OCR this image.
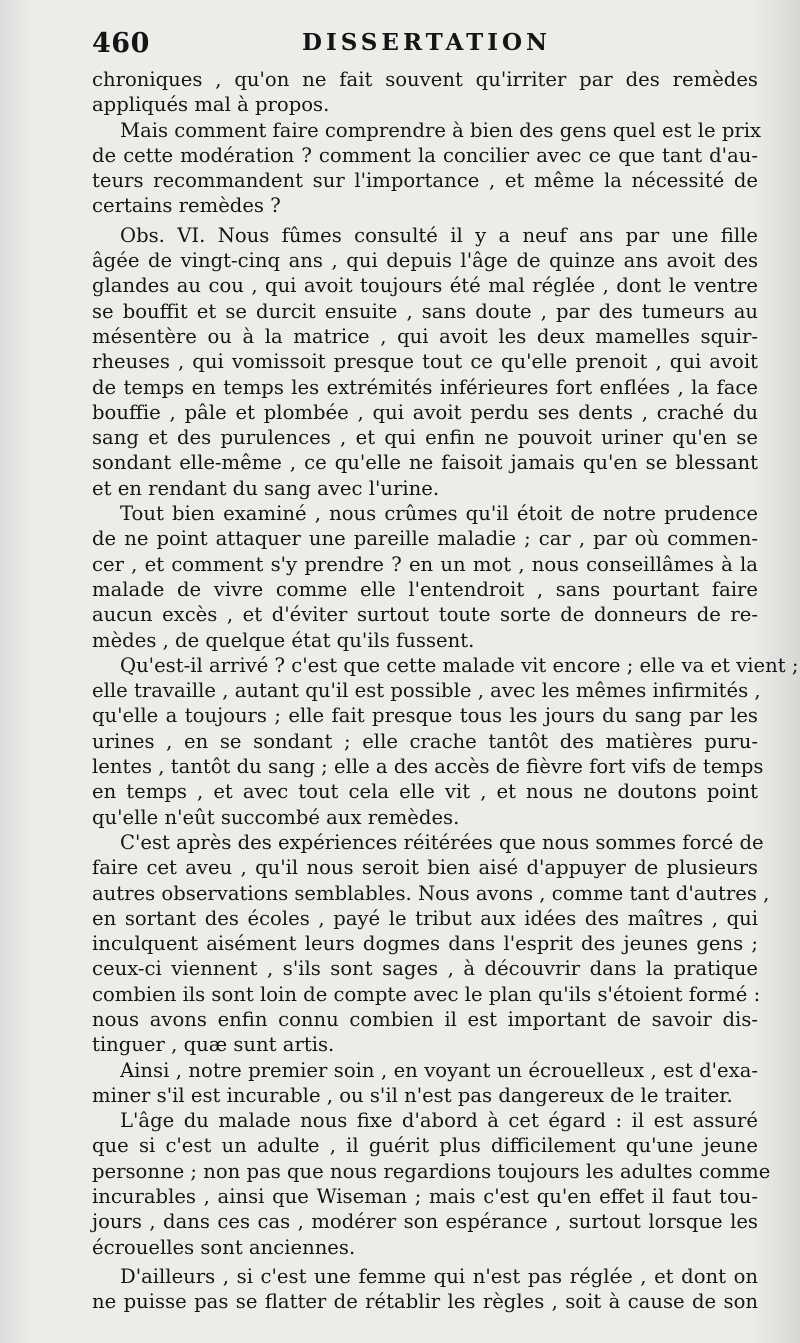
460	DISSERTATION
chroniques , qu'on ne fait souvent qu'irriter par des remèdes
appliqués mal à propos.
Mais comment faire comprendre à bien des gens quel est le prix
de cette modération ? comment la concilier avec ce que tant d'au-
teurs recommandent sur l'importance , et même la nécessité de
certains remèdes ?
Obs. VI. Nous fûmes consulté il y a neuf ans par une fille
âgée de vingt-cinq ans , qui depuis l'âge de quinze ans avoit des
glandes au cou , qui avoit toujours été mal réglée , dont le ventre
se bouffit et se durcit ensuite , sans doute , par des tumeurs au
mésentère ou à la matrice , qui avoit les deux mamelles squir-
rheuses , qui vomissoit presque tout ce qu'elle prenoit , qui avoit
de temps en temps les extrémités inférieures fort enflées , la face
bouffie , pâle et plombée , qui avoit perdu ses dents , craché du
sang et des purulences , et qui enfin ne pouvoit uriner qu'en se
sondant elle-même , ce qu'elle ne faisoit jamais qu'en se blessant
et en rendant du sang avec l'urine.
Tout bien examiné , nous crûmes qu'il étoit de notre prudence
de ne point attaquer une pareille maladie ; car , par où commen-
cer , et comment s'y prendre ? en un mot , nous conseillâmes à la
malade de vivre comme elle l'entendroit , sans pourtant faire
aucun excès , et d'éviter surtout toute sorte de donneurs de re-
mèdes , de quelque état qu'ils fussent.
Qu'est-il arrivé ? c'est que cette malade vit encore ; elle va et vient ;
elle travaille , autant qu'il est possible , avec les mêmes infirmités ,
qu'elle a toujours ; elle fait presque tous les jours du sang par les
urines , en se sondant ; elle crache tantôt des matières puru-
lentes , tantôt du sang ; elle a des accès de fièvre fort vifs de temps
en temps , et avec tout cela elle vit , et nous ne doutons point
qu'elle n'eût succombé aux remèdes.
C'est après des expériences réitérées que nous sommes forcé de
faire cet aveu , qu'il nous seroit bien aisé d'appuyer de plusieurs
autres observations semblables. Nous avons , comme tant d'autres ,
en sortant des écoles , payé le tribut aux idées des maîtres , qui
inculquent aisément leurs dogmes dans l'esprit des jeunes gens ;
ceux-ci viennent , s'ils sont sages , à découvrir dans la pratique
combien ils sont loin de compte avec le plan qu'ils s'étoient formé :
nous avons enfin connu combien il est important de savoir dis-
tinguer , quæ sunt artis.
Ainsi , notre premier soin , en voyant un écrouelleux , est d'exa-
miner s'il est incurable , ou s'il n'est pas dangereux de le traiter.
L'âge du malade nous fixe d'abord à cet égard : il est assuré
que si c'est un adulte , il guérit plus difficilement qu'une jeune
personne ; non pas que nous regardions toujours les adultes comme
incurables , ainsi que Wiseman ; mais c'est qu'en effet il faut tou-
jours , dans ces cas , modérer son espérance , surtout lorsque les
écrouelles sont anciennes.
D'ailleurs , si c'est une femme qui n'est pas réglée , et dont on
ne puisse pas se flatter de rétablir les règles , soit à cause de son
